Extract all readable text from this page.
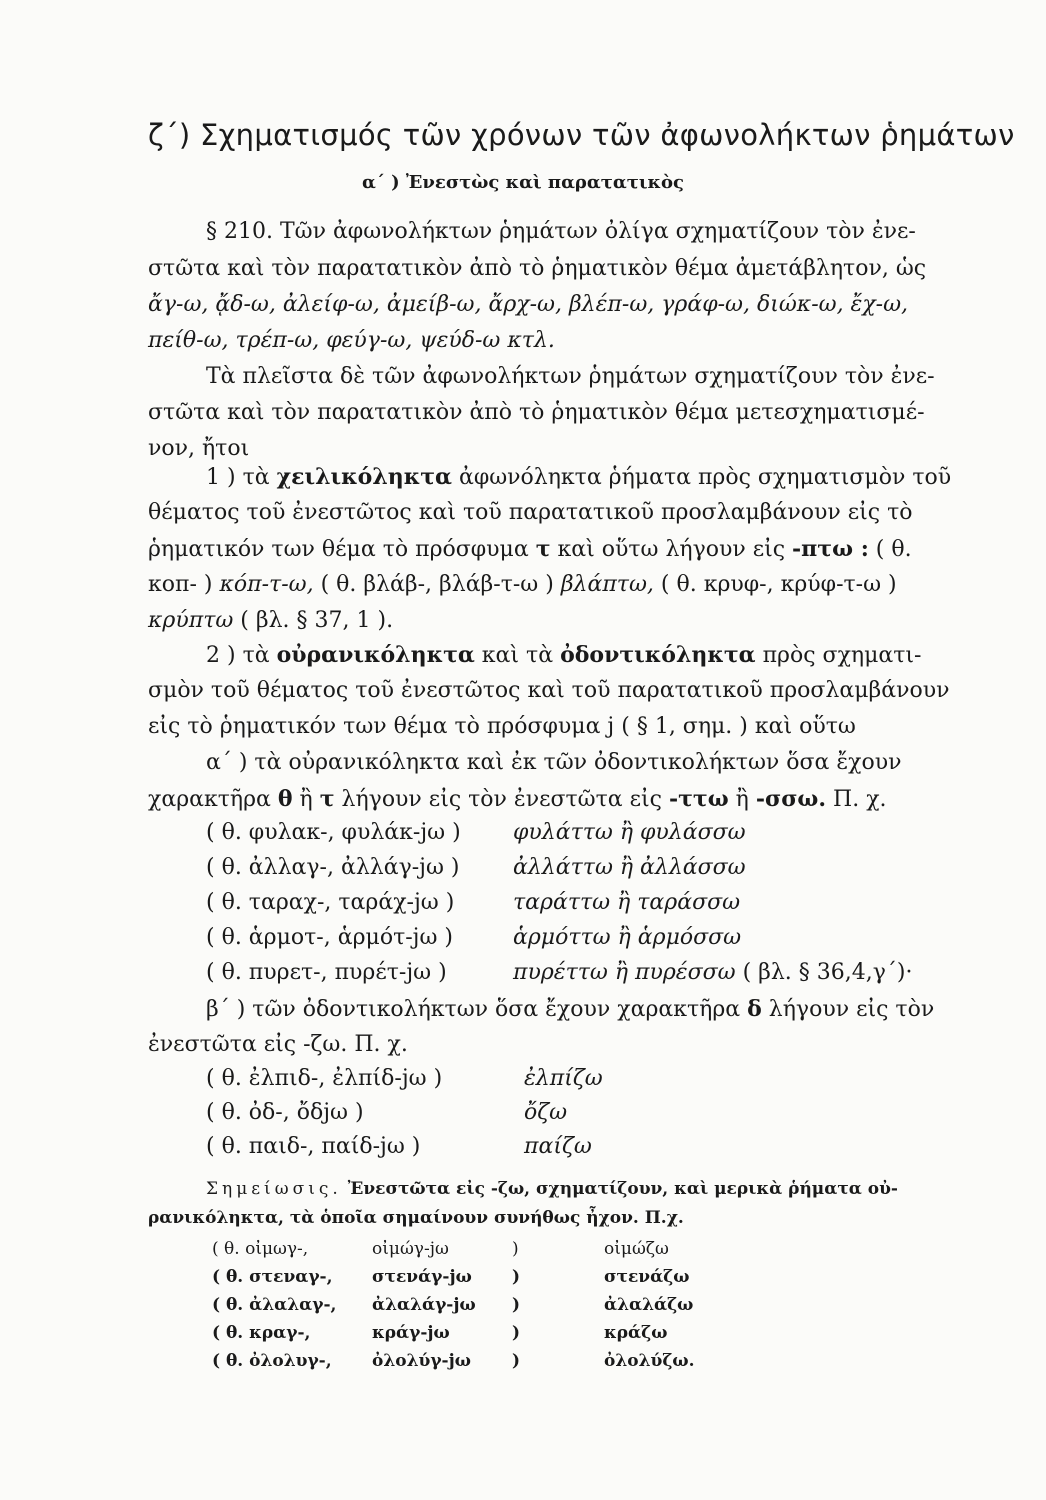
ζ΄) Σχηματισμός τῶν χρόνων τῶν ἀφωνολήκτων ῥημάτων
α΄ ) Ἐνεστὼς καὶ παρατατικὸς
§ 210. Τῶν ἀφωνολήκτων ῥημάτων ὀλίγα σχηματίζουν τὸν ἐνε-
στῶτα καὶ τὸν παρατατικὸν ἀπὸ τὸ ῥηματικὸν θέμα ἀμετάβλητον, ὡς
ἄγ-ω, ᾄδ-ω, ἀλείφ-ω, ἀμείβ-ω, ἄρχ-ω, βλέπ-ω, γράφ-ω, διώκ-ω, ἔχ-ω,
πείθ-ω, τρέπ-ω, φεύγ-ω, ψεύδ-ω κτλ.
Τὰ πλεῖστα δὲ τῶν ἀφωνολήκτων ῥημάτων σχηματίζουν τὸν ἐνε-
στῶτα καὶ τὸν παρατατικὸν ἀπὸ τὸ ῥηματικὸν θέμα μετεσχηματισμέ-
νον, ἤτοι
1 ) τὰ χειλικόληκτα ἀφωνόληκτα ῥήματα πρὸς σχηματισμὸν τοῦ
θέματος τοῦ ἐνεστῶτος καὶ τοῦ παρατατικοῦ προσλαμβάνουν εἰς τὸ
ῥηματικόν των θέμα τὸ πρόσφυμα τ καὶ οὕτω λήγουν εἰς -πτω : ( θ.
κοπ- ) κόπ-τ-ω, ( θ. βλάβ-, βλάβ-τ-ω ) βλάπτω, ( θ. κρυφ-, κρύφ-τ-ω )
κρύπτω ( βλ. § 37, 1 ).
2 ) τὰ οὐρανικόληκτα καὶ τὰ ὀδοντικόληκτα πρὸς σχηματι-
σμὸν τοῦ θέματος τοῦ ἐνεστῶτος καὶ τοῦ παρατατικοῦ προσλαμβάνουν
εἰς τὸ ῥηματικόν των θέμα τὸ πρόσφυμα j ( § 1, σημ. ) καὶ οὕτω
α΄ ) τὰ οὐρανικόληκτα καὶ ἐκ τῶν ὀδοντικολήκτων ὅσα ἔχουν
χαρακτῆρα θ ἢ τ λήγουν εἰς τὸν ἐνεστῶτα εἰς -ττω ἢ -σσω. Π. χ.
( θ. φυλακ-, φυλάκ-jω ) φυλάττω ἢ φυλάσσω
( θ. ἀλλαγ-, ἀλλάγ-jω ) ἀλλάττω ἢ ἀλλάσσω
( θ. ταραχ-, ταράχ-jω )	ταράττω ἢ ταράσσω
( θ. ἁρμοτ-, ἁρμότ-jω )	ἁρμόττω ἢ ἁρμόσσω
( θ. πυρετ-, πυρέτ-jω )	πυρέττω ἢ πυρέσσω ( βλ. § 36,4,γ΄)·
β΄ ) τῶν ὀδοντικολήκτων ὅσα ἔχουν χαρακτῆρα δ λήγουν εἰς τὸν
ἐνεστῶτα εἰς -ζω. Π. χ.
( θ. ἐλπιδ-, ἐλπίδ-jω )	ἐλπίζω
( θ. ὀδ-, ὄδjω )	ὄζω
( θ. παιδ-, παίδ-jω )	παίζω
Σημείωσις. Ἐνεστῶτα εἰς -ζω, σχηματίζουν, καὶ μερικὰ ῥήματα οὐ-
ρανικόληκτα, τὰ ὁποῖα σημαίνουν συνήθως ἦχον. Π.χ.
( θ. οἰμωγ-,	οἰμώγ-jω	)	οἰμώζω
( θ. στεναγ-, στενάγ-jω )	στενάζω
( θ. ἀλαλαγ-, ἀλαλάγ-jω )	ἀλαλάζω
( θ. κραγ-,	κράγ-jω	)	κράζω
( θ. ὀλολυγ-, ὀλολύγ-jω )	ὀλολύζω.
